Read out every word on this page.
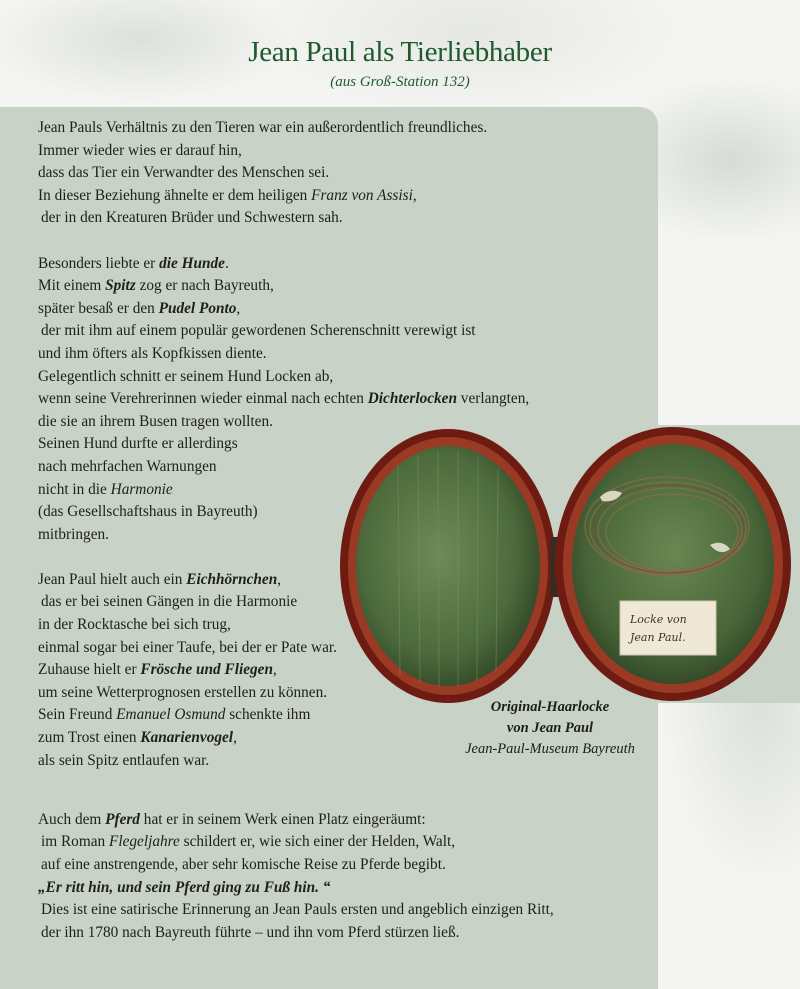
Jean Paul als Tierliebhaber
(aus Groß-Station 132)

Jean Pauls Verhältnis zu den Tieren war ein außerordentlich freundliches.

Immer wieder wies er darauf hin,

dass das Tier ein Verwandter des Menschen sei.

In dieser Beziehung ähnelte er dem heiligen Franz von Assisi,

der in den Kreaturen Brüder und Schwestern sah.

Besonders liebte er die Hunde.

Mit einem Spitz zog er nach Bayreuth,

später besaß er den Pudel Ponto,

der mit ihm auf einem populär gewordenen Scherenschnitt verewigt ist

und ihm öfters als Kopfkissen diente.

Gelegentlich schnitt er seinem Hund Locken ab,

wenn seine Verehrerinnen wieder einmal nach echten Dichterlocken verlangten,

die sie an ihrem Busen tragen wollten.

Seinen Hund durfte er allerdings

nach mehrfachen Warnungen

nicht in die Harmonie

(das Gesellschaftshaus in Bayreuth)

mitbringen.

Jean Paul hielt auch ein Eichhörnchen,

das er bei seinen Gängen in die Harmonie

in der Rocktasche bei sich trug,

einmal sogar bei einer Taufe, bei der er Pate war.

Zuhause hielt er Frösche und Fliegen,

um seine Wetterprognosen erstellen zu können.

Sein Freund Emanuel Osmund schenkte ihm

zum Trost einen Kanarienvogel,

als sein Spitz entlaufen war.

Auch dem Pferd hat er in seinem Werk einen Platz eingeräumt:

im Roman Flegeljahre schildert er, wie sich einer der Helden, Walt,

auf eine anstrengende, aber sehr komische Reise zu Pferde begibt.

„Er ritt hin, und sein Pferd ging zu Fuß hin. “

Dies ist eine satirische Erinnerung an Jean Pauls ersten und angeblich einzigen Ritt,

der ihn 1780 nach Bayreuth führte – und ihn vom Pferd stürzen ließ.

Locke von
Jean Paul.
Original-Haarlocke
von Jean Paul
Jean-Paul-Museum Bayreuth
